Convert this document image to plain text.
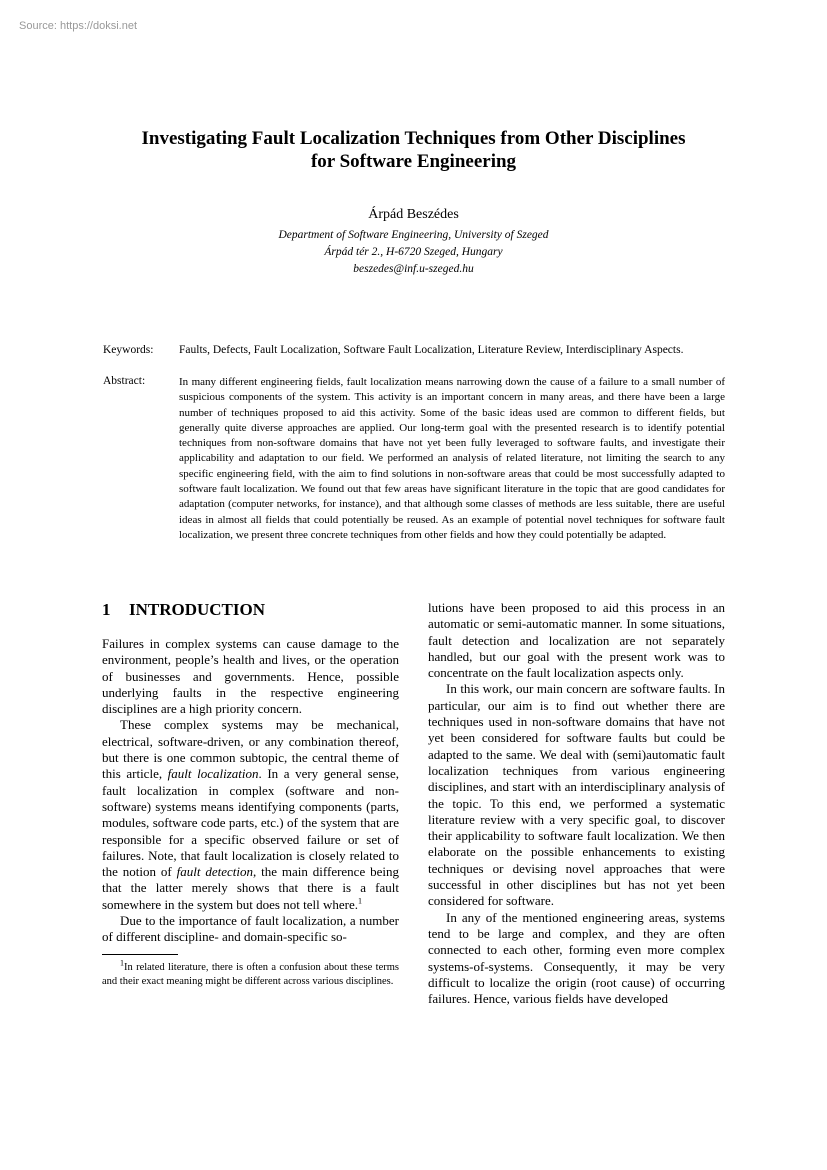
Source: https://doksi.net
Investigating Fault Localization Techniques from Other Disciplines
for Software Engineering
Árpád Beszédes
Department of Software Engineering, University of Szeged
Árpád tér 2., H-6720 Szeged, Hungary
beszedes@inf.u-szeged.hu
Keywords: Faults, Defects, Fault Localization, Software Fault Localization, Literature Review, Interdisciplinary Aspects.
Abstract:	In many different engineering fields, fault localization means narrowing down the cause of a failure to a small number of suspicious components of the system. This activity is an important concern in many areas, and there have been a large number of techniques proposed to aid this activity. Some of the basic ideas used are common to different fields, but generally quite diverse approaches are applied. Our long-term goal with the presented research is to identify potential techniques from non-software domains that have not yet been fully leveraged to software faults, and investigate their applicability and adaptation to our field. We performed an analysis of related literature, not limiting the search to any specific engineering field, with the aim to find solutions in non-software areas that could be most successfully adapted to software fault localization. We found out that few areas have significant literature in the topic that are good candidates for adaptation (computer networks, for instance), and that although some classes of methods are less suitable, there are useful ideas in almost all fields that could potentially be reused. As an example of potential novel techniques for software fault localization, we present three concrete techniques from other fields and how they could potentially be adapted.
1 INTRODUCTION

Failures in complex systems can cause damage to the environment, people’s health and lives, or the operation of businesses and governments. Hence, possible underlying faults in the respective engineering disciplines are a high priority concern.

These complex systems may be mechanical, electrical, software-driven, or any combination thereof, but there is one common subtopic, the central theme of this article, fault localization. In a very general sense, fault localization in complex (software and non-software) systems means identifying components (parts, modules, software code parts, etc.) of the system that are responsible for a specific observed failure or set of failures. Note, that fault localization is closely related to the notion of fault detection, the main difference being that the latter merely shows that there is a fault somewhere in the system but does not tell where.$^1$

Due to the importance of fault localization, a number of different discipline- and domain-specific so-

$^1$In related literature, there is often a confusion about these terms and their exact meaning might be different across various disciplines.

lutions have been proposed to aid this process in an automatic or semi-automatic manner. In some situations, fault detection and localization are not separately handled, but our goal with the present work was to concentrate on the fault localization aspects only.

In this work, our main concern are software faults. In particular, our aim is to find out whether there are techniques used in non-software domains that have not yet been considered for software faults but could be adapted to the same. We deal with (semi)automatic fault localization techniques from various engineering disciplines, and start with an interdisciplinary analysis of the topic. To this end, we performed a systematic literature review with a very specific goal, to discover their applicability to software fault localization. We then elaborate on the possible enhancements to existing techniques or devising novel approaches that were successful in other disciplines but has not yet been considered for software.

In any of the mentioned engineering areas, systems tend to be large and complex, and they are often connected to each other, forming even more complex systems-of-systems. Consequently, it may be very difficult to localize the origin (root cause) of occurring failures. Hence, various fields have developed
